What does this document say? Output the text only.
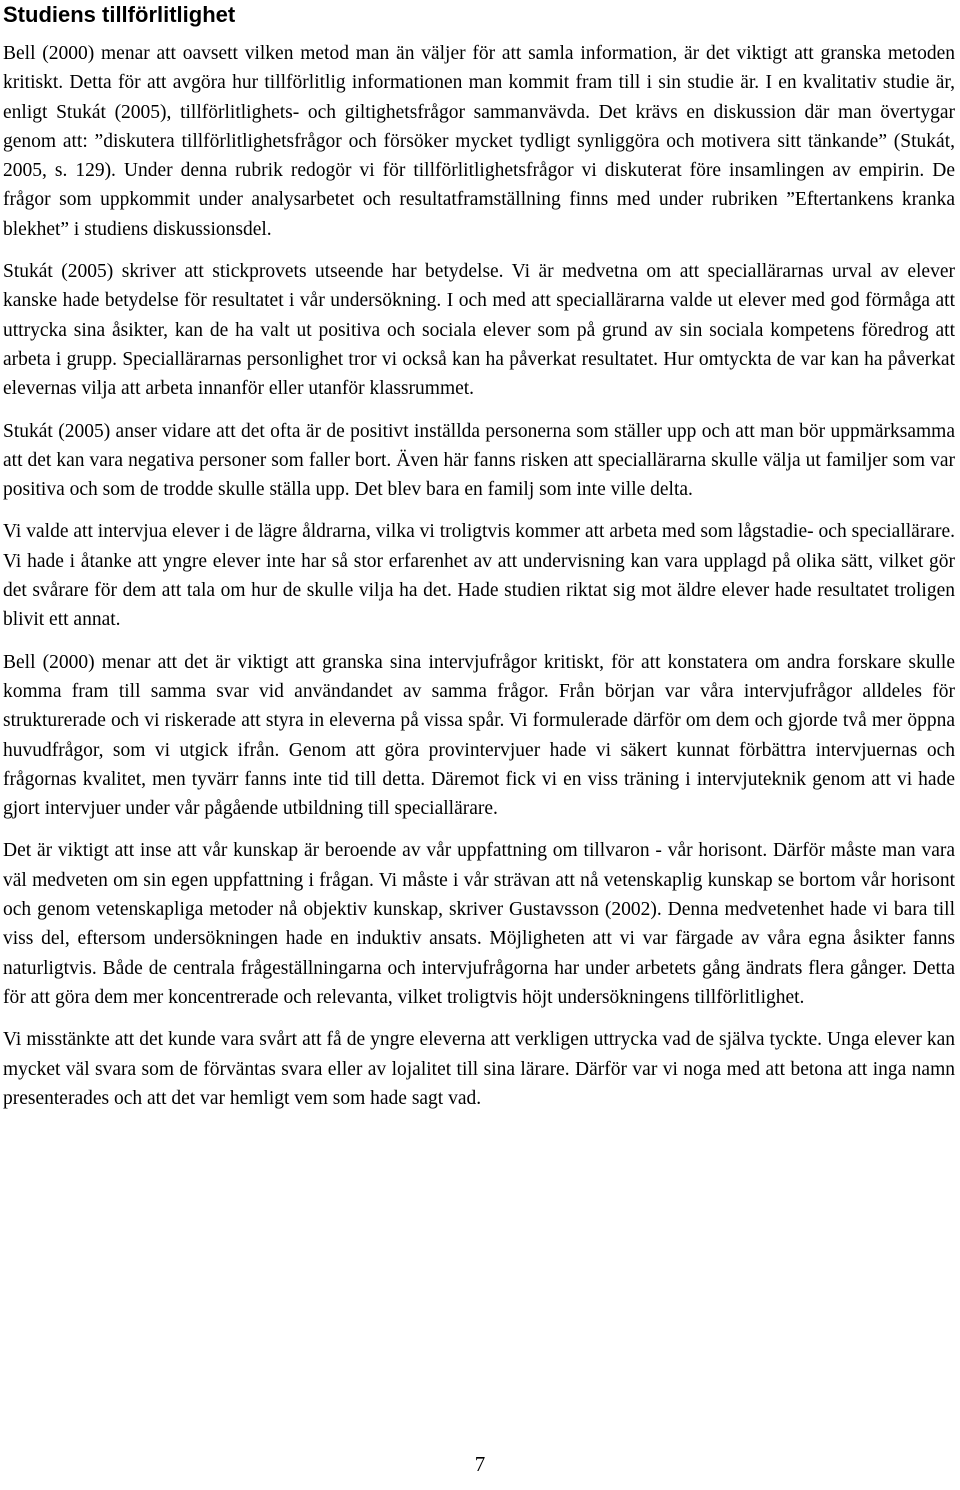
Studiens tillförlitlighet

Bell (2000) menar att oavsett vilken metod man än väljer för att samla information, är det viktigt att granska metoden kritiskt. Detta för att avgöra hur tillförlitlig informationen man kommit fram till i sin studie är. I en kvalitativ studie är, enligt Stukát (2005), tillförlitlighets- och giltighetsfrågor sammanvävda. Det krävs en diskussion där man övertygar genom att: ”diskutera tillförlitlighetsfrågor och försöker mycket tydligt synliggöra och motivera sitt tänkande” (Stukát, 2005, s. 129). Under denna rubrik redogör vi för tillförlitlighetsfrågor vi diskuterat före insamlingen av empirin. De frågor som uppkommit under analysarbetet och resultatframställning finns med under rubriken ”Eftertankens kranka blekhet” i studiens diskussionsdel.

Stukát (2005) skriver att stickprovets utseende har betydelse. Vi är medvetna om att speciallärarnas urval av elever kanske hade betydelse för resultatet i vår undersökning. I och med att speciallärarna valde ut elever med god förmåga att uttrycka sina åsikter, kan de ha valt ut positiva och sociala elever som på grund av sin sociala kompetens föredrog att arbeta i grupp. Speciallärarnas personlighet tror vi också kan ha påverkat resultatet. Hur omtyckta de var kan ha påverkat elevernas vilja att arbeta innanför eller utanför klassrummet.

Stukát (2005) anser vidare att det ofta är de positivt inställda personerna som ställer upp och att man bör uppmärksamma att det kan vara negativa personer som faller bort. Även här fanns risken att speciallärarna skulle välja ut familjer som var positiva och som de trodde skulle ställa upp. Det blev bara en familj som inte ville delta.

Vi valde att intervjua elever i de lägre åldrarna, vilka vi troligtvis kommer att arbeta med som lågstadie- och speciallärare. Vi hade i åtanke att yngre elever inte har så stor erfarenhet av att undervisning kan vara upplagd på olika sätt, vilket gör det svårare för dem att tala om hur de skulle vilja ha det. Hade studien riktat sig mot äldre elever hade resultatet troligen blivit ett annat.

Bell (2000) menar att det är viktigt att granska sina intervjufrågor kritiskt, för att konstatera om andra forskare skulle komma fram till samma svar vid användandet av samma frågor. Från början var våra intervjufrågor alldeles för strukturerade och vi riskerade att styra in eleverna på vissa spår. Vi formulerade därför om dem och gjorde två mer öppna huvudfrågor, som vi utgick ifrån. Genom att göra provintervjuer hade vi säkert kunnat förbättra intervjuernas och frågornas kvalitet, men tyvärr fanns inte tid till detta. Däremot fick vi en viss träning i intervjuteknik genom att vi hade gjort intervjuer under vår pågående utbildning till speciallärare.

Det är viktigt att inse att vår kunskap är beroende av vår uppfattning om tillvaron - vår horisont. Därför måste man vara väl medveten om sin egen uppfattning i frågan. Vi måste i vår strävan att nå vetenskaplig kunskap se bortom vår horisont och genom vetenskapliga metoder nå objektiv kunskap, skriver Gustavsson (2002). Denna medvetenhet hade vi bara till viss del, eftersom undersökningen hade en induktiv ansats. Möjligheten att vi var färgade av våra egna åsikter fanns naturligtvis. Både de centrala frågeställningarna och intervjufrågorna har under arbetets gång ändrats flera gånger. Detta för att göra dem mer koncentrerade och relevanta, vilket troligtvis höjt undersökningens tillförlitlighet.

Vi misstänkte att det kunde vara svårt att få de yngre eleverna att verkligen uttrycka vad de själva tyckte. Unga elever kan mycket väl svara som de förväntas svara eller av lojalitet till sina lärare. Därför var vi noga med att betona att inga namn presenterades och att det var hemligt vem som hade sagt vad.

7
